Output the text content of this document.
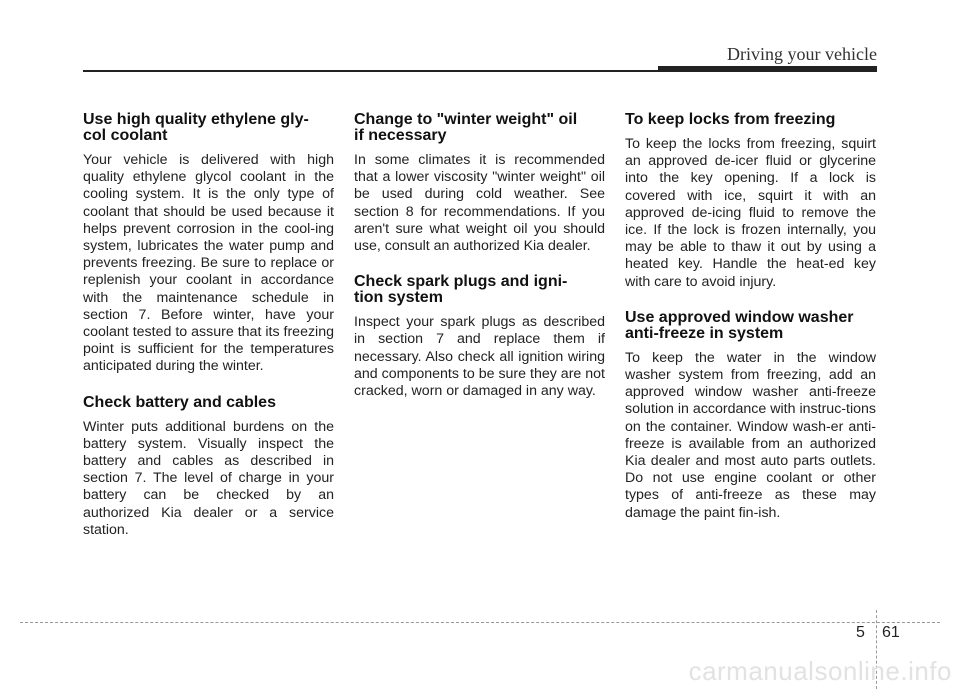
Driving your vehicle
Use high quality ethylene gly-
col coolant

Your vehicle is delivered with high quality ethylene glycol coolant in the cooling system. It is the only type of coolant that should be used because it helps prevent corrosion in the cool-ing system, lubricates the water pump and prevents freezing. Be sure to replace or replenish your coolant in accordance with the maintenance schedule in section 7. Before winter, have your coolant tested to assure that its freezing point is sufficient for the temperatures anticipated during the winter.

Check battery and cables

Winter puts additional burdens on the battery system. Visually inspect the battery and cables as described in section 7. The level of charge in your battery can be checked by an authorized Kia dealer or a service station.

Change to "winter weight" oil
if necessary

In some climates it is recommended that a lower viscosity "winter weight" oil be used during cold weather. See section 8 for recommendations. If you aren't sure what weight oil you should use, consult an authorized Kia dealer.

Check spark plugs and igni-
tion system

Inspect your spark plugs as described in section 7 and replace them if necessary. Also check all ignition wiring and components to be sure they are not cracked, worn or damaged in any way.

To keep locks from freezing

To keep the locks from freezing, squirt an approved de-icer fluid or glycerine into the key opening. If a lock is covered with ice, squirt it with an approved de-icing fluid to remove the ice. If the lock is frozen internally, you may be able to thaw it out by using a heated key. Handle the heat-ed key with care to avoid injury.

Use approved window washer
anti-freeze in system

To keep the water in the window washer system from freezing, add an approved window washer anti-freeze solution in accordance with instruc-tions on the container. Window wash-er anti-freeze is available from an authorized Kia dealer and most auto parts outlets. Do not use engine coolant or other types of anti-freeze as these may damage the paint fin-ish.

5 61
carmanualsonline.info
